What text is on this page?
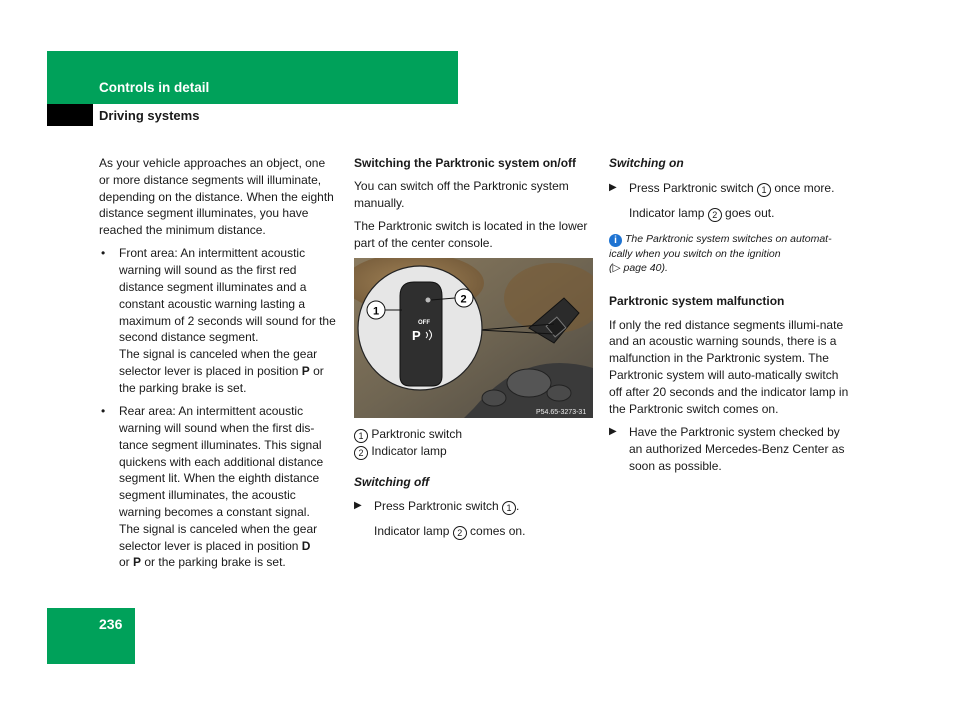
Controls in detail
Driving systems

As your vehicle approaches an object, one or more distance segments will illuminate, depending on the distance. When the eighth distance segment illuminates, you have reached the minimum distance.

• Front area: An intermittent acoustic warning will sound as the first red distance segment illuminates and a constant acoustic warning lasting a maximum of 2 seconds will sound for the second distance segment.
The signal is canceled when the gear selector lever is placed in position P or the parking brake is set.
• Rear area: An intermittent acoustic warning will sound when the first dis-tance segment illuminates. This signal quickens with each additional distance segment lit. When the eighth distance segment illuminates, the acoustic warning becomes a constant signal.
The signal is canceled when the gear selector lever is placed in position D
or P or the parking brake is set.

Switching the Parktronic system on/off

You can switch off the Parktronic system manually.

The Parktronic switch is located in the lower part of the center console.

OFF
P
1
2
P54.65-3273-31
1 Parktronic switch
2 Indicator lamp

Switching off

▶ Press Parktronic switch 1 .

Indicator lamp 2 comes on.

Switching on

▶ Press Parktronic switch 1 once more.

Indicator lamp 2 goes out.

i The Parktronic system switches on automat-ically when you switch on the ignition
(▷ page 40).

Parktronic system malfunction

If only the red distance segments illumi-nate and an acoustic warning sounds, there is a malfunction in the Parktronic system. The Parktronic system will auto-matically switch off after 20 seconds and the indicator lamp in the Parktronic switch comes on.

▶ Have the Parktronic system checked by an authorized Mercedes-Benz Center as soon as possible.

236
